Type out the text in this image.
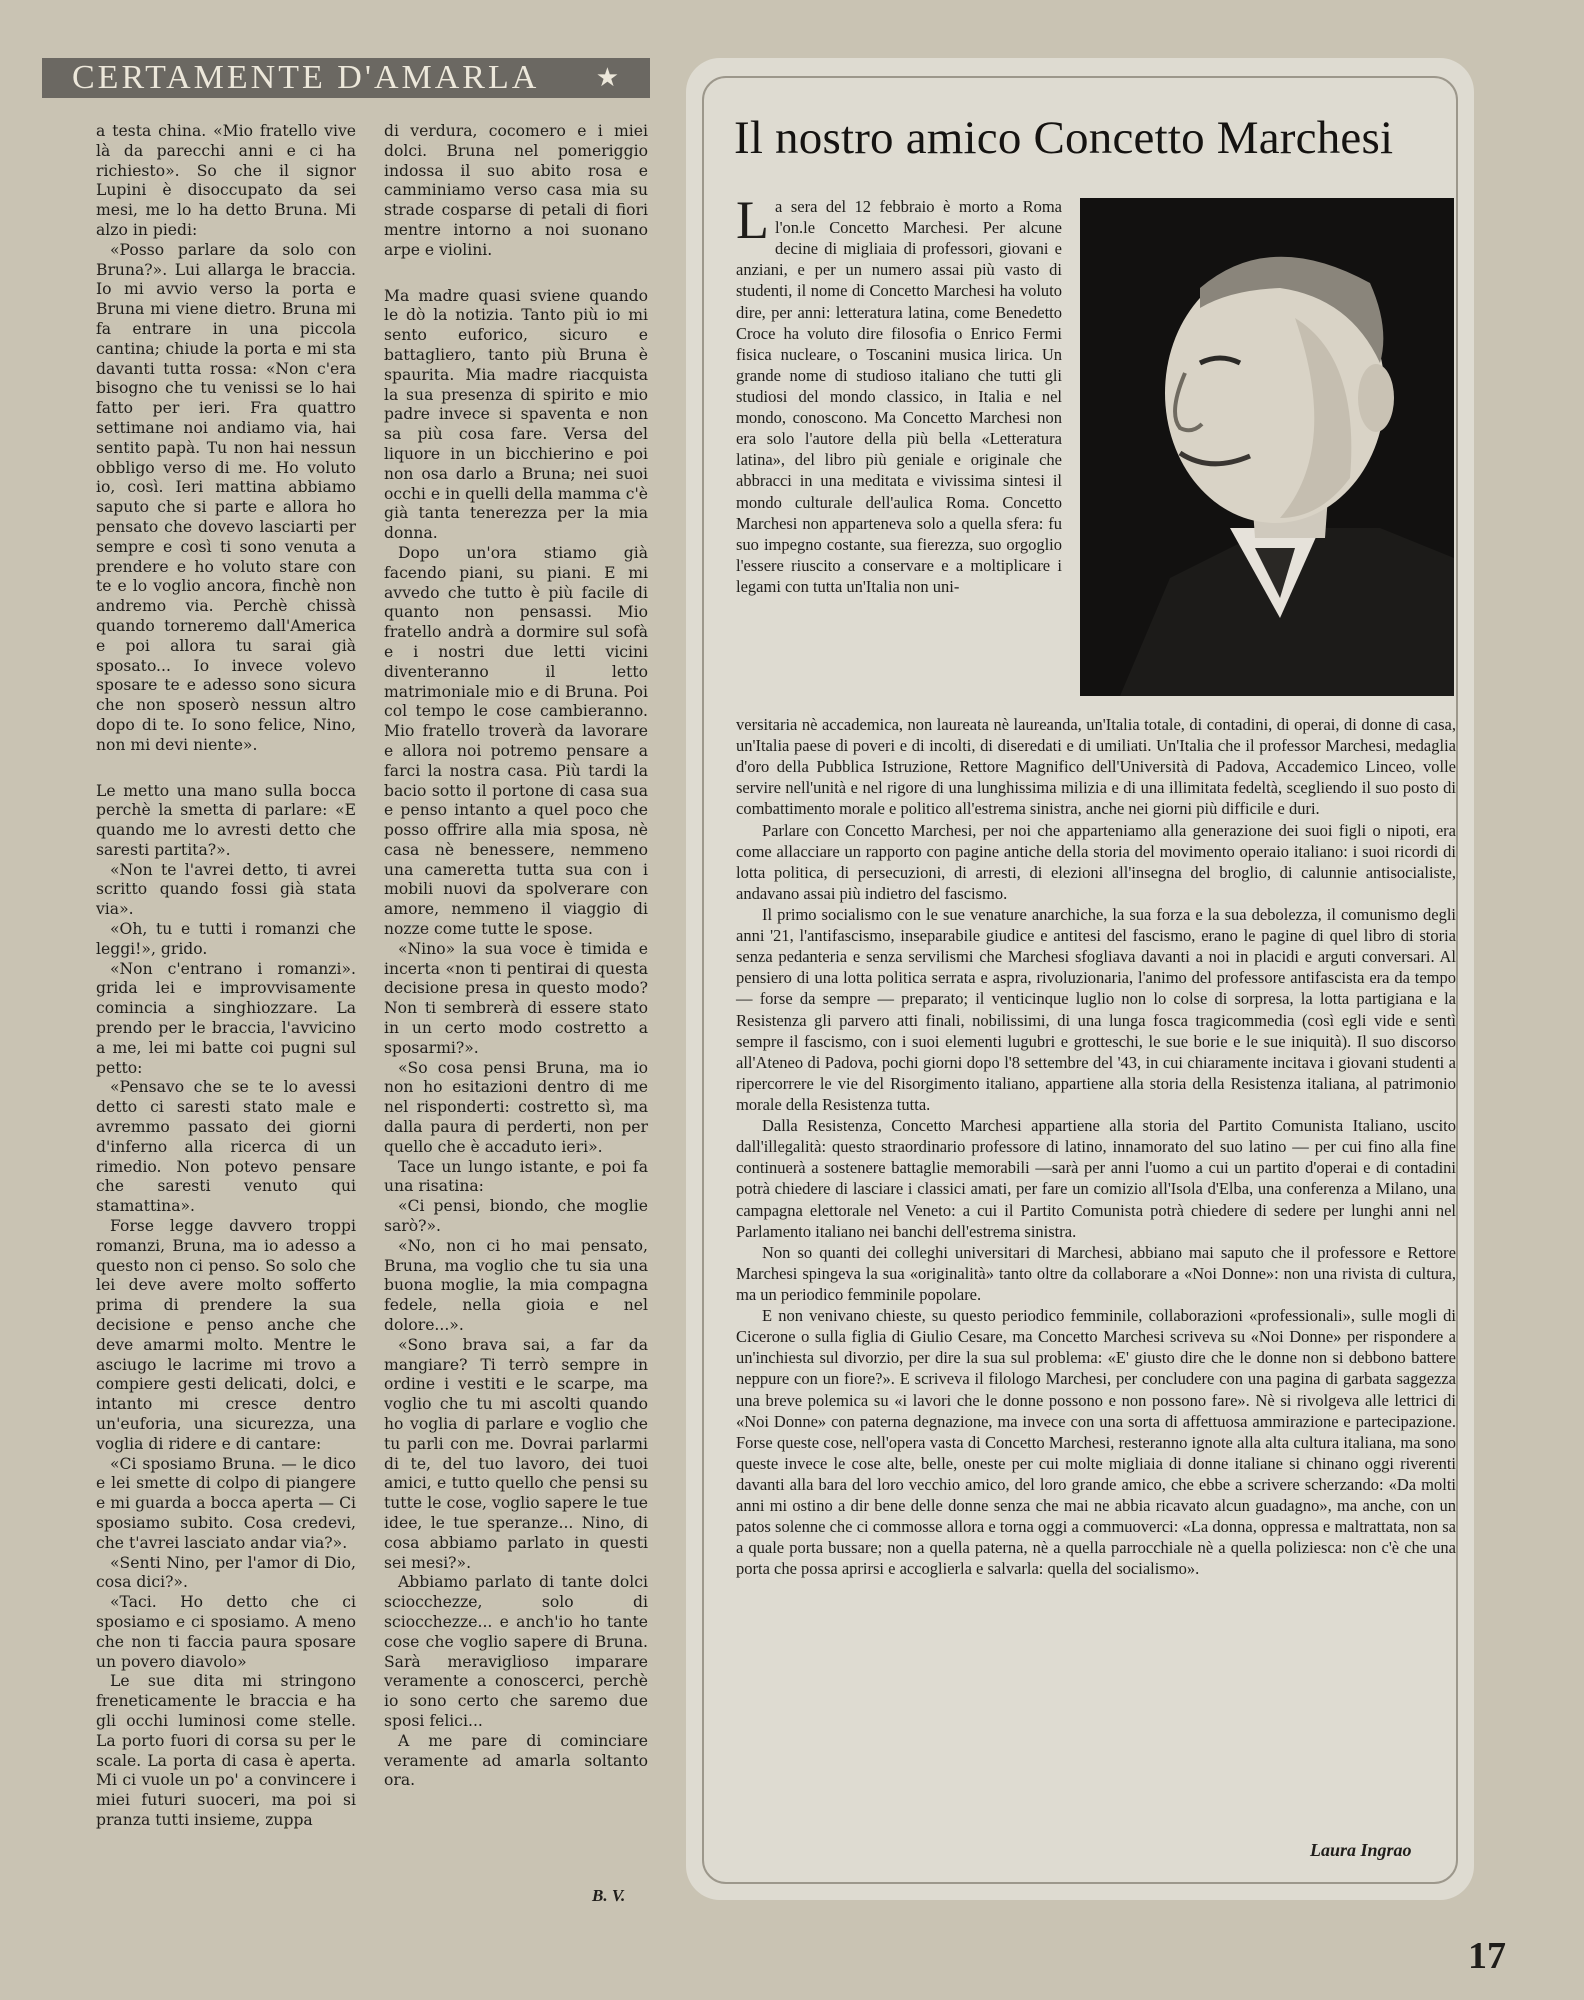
CERTAMENTE D'AMARLA ★

a testa china. «Mio fratello vive là da parecchi anni e ci ha richiesto». So che il signor Lupini è disoccupato da sei mesi, me lo ha detto Bruna. Mi alzo in piedi:

«Posso parlare da solo con Bruna?». Lui allarga le braccia. Io mi avvio verso la porta e Bruna mi viene dietro. Bruna mi fa entrare in una piccola cantina; chiude la porta e mi sta davanti tutta rossa: «Non c'era bisogno che tu venissi se lo hai fatto per ieri. Fra quattro settimane noi andiamo via, hai sentito papà. Tu non hai nessun obbligo verso di me. Ho voluto io, così. Ieri mattina abbiamo saputo che si parte e allora ho pensato che dovevo lasciarti per sempre e così ti sono venuta a prendere e ho voluto stare con te e lo voglio ancora, finchè non andremo via. Perchè chissà quando torneremo dall'America e poi allora tu sarai già sposato... Io invece volevo sposare te e adesso sono sicura che non sposerò nessun altro dopo di te. Io sono felice, Nino, non mi devi niente».

Le metto una mano sulla bocca perchè la smetta di parlare: «E quando me lo avresti detto che saresti partita?».

«Non te l'avrei detto, ti avrei scritto quando fossi già stata via».

«Oh, tu e tutti i romanzi che leggi!», grido.

«Non c'entrano i romanzi». grida lei e improvvisamente comincia a singhiozzare. La prendo per le braccia, l'avvicino a me, lei mi batte coi pugni sul petto:

«Pensavo che se te lo avessi detto ci saresti stato male e avremmo passato dei giorni d'inferno alla ricerca di un rimedio. Non potevo pensare che saresti venuto qui stamattina».

Forse legge davvero troppi romanzi, Bruna, ma io adesso a questo non ci penso. So solo che lei deve avere molto sofferto prima di prendere la sua decisione e penso anche che deve amarmi molto. Mentre le asciugo le lacrime mi trovo a compiere gesti delicati, dolci, e intanto mi cresce dentro un'euforia, una sicurezza, una voglia di ridere e di cantare:

«Ci sposiamo Bruna. — le dico e lei smette di colpo di piangere e mi guarda a bocca aperta — Ci sposiamo subito. Cosa credevi, che t'avrei lasciato andar via?».

«Senti Nino, per l'amor di Dio, cosa dici?».

«Taci. Ho detto che ci sposiamo e ci sposiamo. A meno che non ti faccia paura sposare un povero diavolo»

Le sue dita mi stringono freneticamente le braccia e ha gli occhi luminosi come stelle. La porto fuori di corsa su per le scale. La porta di casa è aperta. Mi ci vuole un po' a convincere i miei futuri suoceri, ma poi si pranza tutti insieme, zuppa

di verdura, cocomero e i miei dolci. Bruna nel pomeriggio indossa il suo abito rosa e camminiamo verso casa mia su strade cosparse di petali di fiori mentre intorno a noi suonano arpe e violini.

Ma madre quasi sviene quando le dò la notizia. Tanto più io mi sento euforico, sicuro e battagliero, tanto più Bruna è spaurita. Mia madre riacquista la sua presenza di spirito e mio padre invece si spaventa e non sa più cosa fare. Versa del liquore in un bicchierino e poi non osa darlo a Bruna; nei suoi occhi e in quelli della mamma c'è già tanta tenerezza per la mia donna.

Dopo un'ora stiamo già facendo piani, su piani. E mi avvedo che tutto è più facile di quanto non pensassi. Mio fratello andrà a dormire sul sofà e i nostri due letti vicini diventeranno il letto matrimoniale mio e di Bruna. Poi col tempo le cose cambieranno. Mio fratello troverà da lavorare e allora noi potremo pensare a farci la nostra casa. Più tardi la bacio sotto il portone di casa sua e penso intanto a quel poco che posso offrire alla mia sposa, nè casa nè benessere, nemmeno una cameretta tutta sua con i mobili nuovi da spolverare con amore, nemmeno il viaggio di nozze come tutte le spose.

«Nino» la sua voce è timida e incerta «non ti pentirai di questa decisione presa in questo modo? Non ti sembrerà di essere stato in un certo modo costretto a sposarmi?».

«So cosa pensi Bruna, ma io non ho esitazioni dentro di me nel risponderti: costretto sì, ma dalla paura di perderti, non per quello che è accaduto ieri».

Tace un lungo istante, e poi fa una risatina:

«Ci pensi, biondo, che moglie sarò?».

«No, non ci ho mai pensato, Bruna, ma voglio che tu sia una buona moglie, la mia compagna fedele, nella gioia e nel dolore...».

«Sono brava sai, a far da mangiare? Ti terrò sempre in ordine i vestiti e le scarpe, ma voglio che tu mi ascolti quando ho voglia di parlare e voglio che tu parli con me. Dovrai parlarmi di te, del tuo lavoro, dei tuoi amici, e tutto quello che pensi su tutte le cose, voglio sapere le tue idee, le tue speranze... Nino, di cosa abbiamo parlato in questi sei mesi?».

Abbiamo parlato di tante dolci sciocchezze, solo di sciocchezze... e anch'io ho tante cose che voglio sapere di Bruna. Sarà meraviglioso imparare veramente a conoscerci, perchè io sono certo che saremo due sposi felici...

A me pare di cominciare veramente ad amarla soltanto ora.

B. V.
Il nostro amico Concetto Marchesi
L a sera del 12 febbraio è morto a Roma l'on.le Concetto Marchesi. Per alcune decine di migliaia di professori, giovani e anziani, e per un numero assai più vasto di studenti, il nome di Concetto Marchesi ha voluto dire, per anni: letteratura latina, come Benedetto Croce ha voluto dire filosofia o Enrico Fermi fisica nucleare, o Toscanini musica lirica. Un grande nome di studioso italiano che tutti gli studiosi del mondo classico, in Italia e nel mondo, conoscono. Ma Concetto Marchesi non era solo l'autore della più bella «Letteratura latina», del libro più geniale e originale che abbracci in una meditata e vivissima sintesi il mondo culturale dell'aulica Roma. Concetto Marchesi non apparteneva solo a quella sfera: fu suo impegno costante, sua fierezza, suo orgoglio l'essere riuscito a conservare e a moltiplicare i legami con tutta un'Italia non uni-

versitaria nè accademica, non laureata nè laureanda, un'Italia totale, di contadini, di operai, di donne di casa, un'Italia paese di poveri e di incolti, di diseredati e di umiliati. Un'Italia che il professor Marchesi, medaglia d'oro della Pubblica Istruzione, Rettore Magnifico dell'Università di Padova, Accademico Linceo, volle servire nell'unità e nel rigore di una lunghissima milizia e di una illimitata fedeltà, scegliendo il suo posto di combattimento morale e politico all'estrema sinistra, anche nei giorni più difficile e duri.

Parlare con Concetto Marchesi, per noi che apparteniamo alla generazione dei suoi figli o nipoti, era come allacciare un rapporto con pagine antiche della storia del movimento operaio italiano: i suoi ricordi di lotta politica, di persecuzioni, di arresti, di elezioni all'insegna del broglio, di calunnie antisocialiste, andavano assai più indietro del fascismo.

Il primo socialismo con le sue venature anarchiche, la sua forza e la sua debolezza, il comunismo degli anni '21, l'antifascismo, inseparabile giudice e antitesi del fascismo, erano le pagine di quel libro di storia senza pedanteria e senza servilismi che Marchesi sfogliava davanti a noi in placidi e arguti conversari. Al pensiero di una lotta politica serrata e aspra, rivoluzionaria, l'animo del professore antifascista era da tempo — forse da sempre — preparato; il venticinque luglio non lo colse di sorpresa, la lotta partigiana e la Resistenza gli parvero atti finali, nobilissimi, di una lunga fosca tragicommedia (così egli vide e sentì sempre il fascismo, con i suoi elementi lugubri e grotteschi, le sue borie e le sue iniquità). Il suo discorso all'Ateneo di Padova, pochi giorni dopo l'8 settembre del '43, in cui chiaramente incitava i giovani studenti a ripercorrere le vie del Risorgimento italiano, appartiene alla storia della Resistenza italiana, al patrimonio morale della Resistenza tutta.

Dalla Resistenza, Concetto Marchesi appartiene alla storia del Partito Comunista Italiano, uscito dall'illegalità: questo straordinario professore di latino, innamorato del suo latino — per cui fino alla fine continuerà a sostenere battaglie memorabili —sarà per anni l'uomo a cui un partito d'operai e di contadini potrà chiedere di lasciare i classici amati, per fare un comizio all'Isola d'Elba, una conferenza a Milano, una campagna elettorale nel Veneto: a cui il Partito Comunista potrà chiedere di sedere per lunghi anni nel Parlamento italiano nei banchi dell'estrema sinistra.

Non so quanti dei colleghi universitari di Marchesi, abbiano mai saputo che il professore e Rettore Marchesi spingeva la sua «originalità» tanto oltre da collaborare a «Noi Donne»: non una rivista di cultura, ma un periodico femminile popolare.

E non venivano chieste, su questo periodico femminile, collaborazioni «professionali», sulle mogli di Cicerone o sulla figlia di Giulio Cesare, ma Concetto Marchesi scriveva su «Noi Donne» per rispondere a un'inchiesta sul divorzio, per dire la sua sul problema: «E' giusto dire che le donne non si debbono battere neppure con un fiore?». E scriveva il filologo Marchesi, per concludere con una pagina di garbata saggezza una breve polemica su «i lavori che le donne possono e non possono fare». Nè si rivolgeva alle lettrici di «Noi Donne» con paterna degnazione, ma invece con una sorta di affettuosa ammirazione e partecipazione. Forse queste cose, nell'opera vasta di Concetto Marchesi, resteranno ignote alla alta cultura italiana, ma sono queste invece le cose alte, belle, oneste per cui molte migliaia di donne italiane si chinano oggi riverenti davanti alla bara del loro vecchio amico, del loro grande amico, che ebbe a scrivere scherzando: «Da molti anni mi ostino a dir bene delle donne senza che mai ne abbia ricavato alcun guadagno», ma anche, con un patos solenne che ci commosse allora e torna oggi a commuoverci: «La donna, oppressa e maltrattata, non sa a quale porta bussare; non a quella paterna, nè a quella parrocchiale nè a quella poliziesca: non c'è che una porta che possa aprirsi e accoglierla e salvarla: quella del socialismo».

Laura Ingrao
17
